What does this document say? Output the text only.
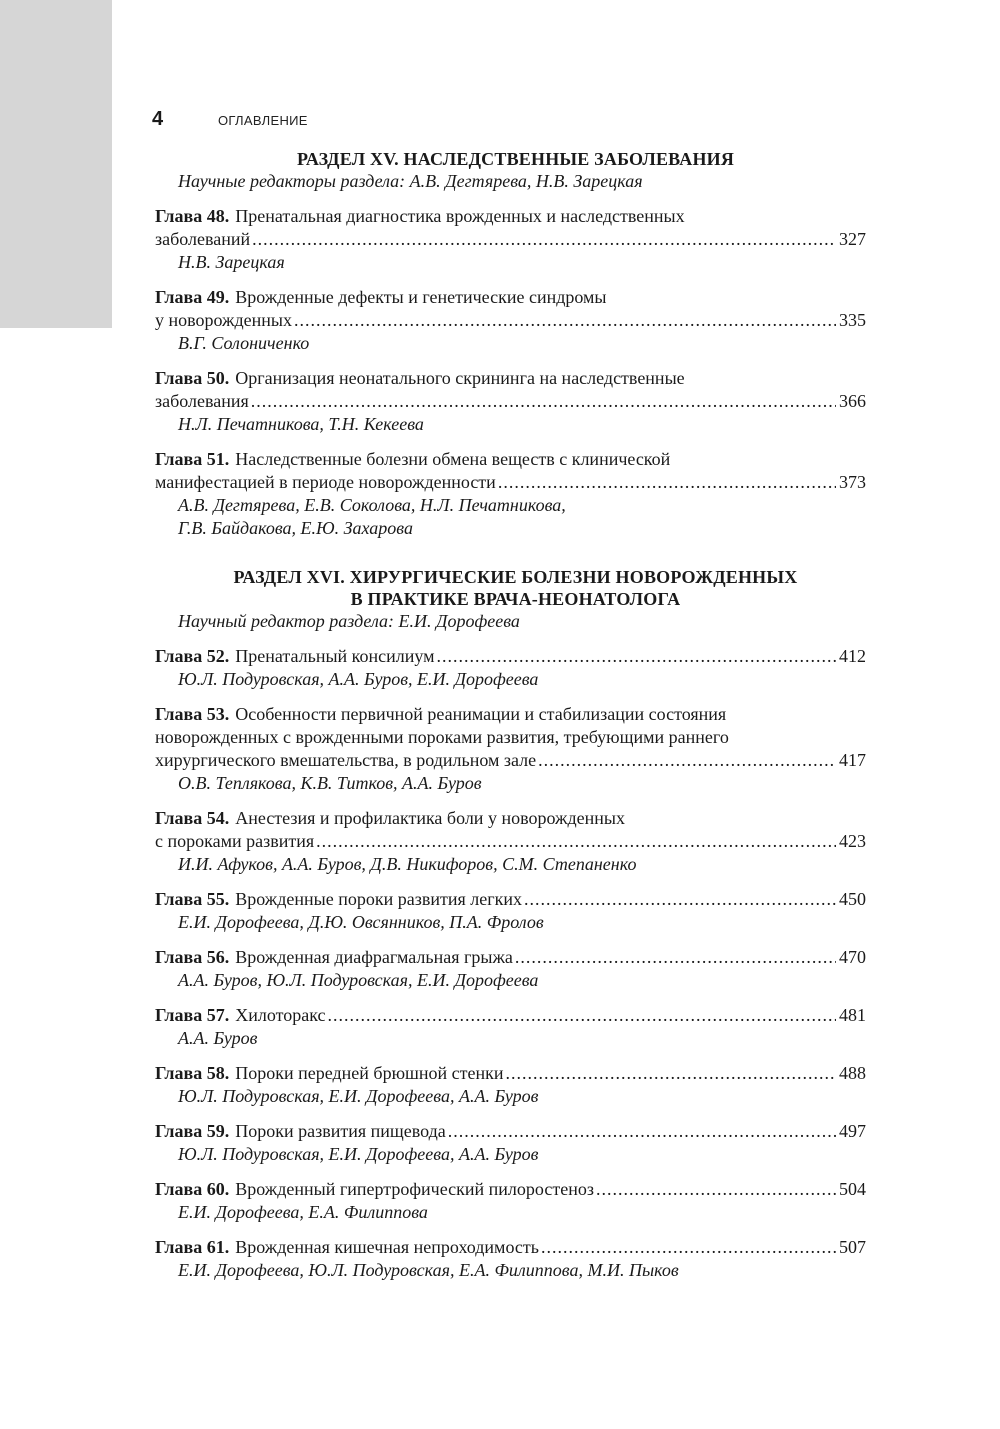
4	ОГЛАВЛЕНИЕ
РАЗДЕЛ XV. НАСЛЕДСТВЕННЫЕ ЗАБОЛЕВАНИЯ
Научные редакторы раздела: А.В. Дегтярева, Н.В. Зарецкая
Глава 48. Пренатальная диагностика врожденных и наследственных
заболеваний .....	327
Н.В. Зарецкая
Глава 49. Врожденные дефекты и генетические синдромы
у новорожденных .....	335
В.Г. Солониченко
Глава 50. Организация неонатального скрининга на наследственные
заболевания .....	366
Н.Л. Печатникова, Т.Н. Кекеева
Глава 51. Наследственные болезни обмена веществ с клинической
манифестацией в периоде новорожденности .....	373
А.В. Дегтярева, Е.В. Соколова, Н.Л. Печатникова,
Г.В. Байдакова, Е.Ю. Захарова
РАЗДЕЛ XVI. ХИРУРГИЧЕСКИЕ БОЛЕЗНИ НОВОРОЖДЕННЫХ
В ПРАКТИКЕ ВРАЧА-НЕОНАТОЛОГА
Научный редактор раздела: Е.И. Дорофеева
Глава 52. Пренатальный консилиум .....	412
Ю.Л. Подуровская, А.А. Буров, Е.И. Дорофеева
Глава 53. Особенности первичной реанимации и стабилизации состояния
новорожденных с врожденными пороками развития, требующими раннего
хирургического вмешательства, в родильном зале .....	417
О.В. Теплякова, К.В. Титков, А.А. Буров
Глава 54. Анестезия и профилактика боли у новорожденных
с пороками развития .....	423
И.И. Афуков, А.А. Буров, Д.В. Никифоров, С.М. Степаненко
Глава 55. Врожденные пороки развития легких .....	450
Е.И. Дорофеева, Д.Ю. Овсянников, П.А. Фролов
Глава 56. Врожденная диафрагмальная грыжа .....	470
А.А. Буров, Ю.Л. Подуровская, Е.И. Дорофеева
Глава 57. Хилоторакс .....	481
А.А. Буров
Глава 58. Пороки передней брюшной стенки .....	488
Ю.Л. Подуровская, Е.И. Дорофеева, А.А. Буров
Глава 59. Пороки развития пищевода .....	497
Ю.Л. Подуровская, Е.И. Дорофеева, А.А. Буров
Глава 60. Врожденный гипертрофический пилоростеноз .....	504
Е.И. Дорофеева, Е.А. Филиппова
Глава 61. Врожденная кишечная непроходимость .....	507
Е.И. Дорофеева, Ю.Л. Подуровская, Е.А. Филиппова, М.И. Пыков
